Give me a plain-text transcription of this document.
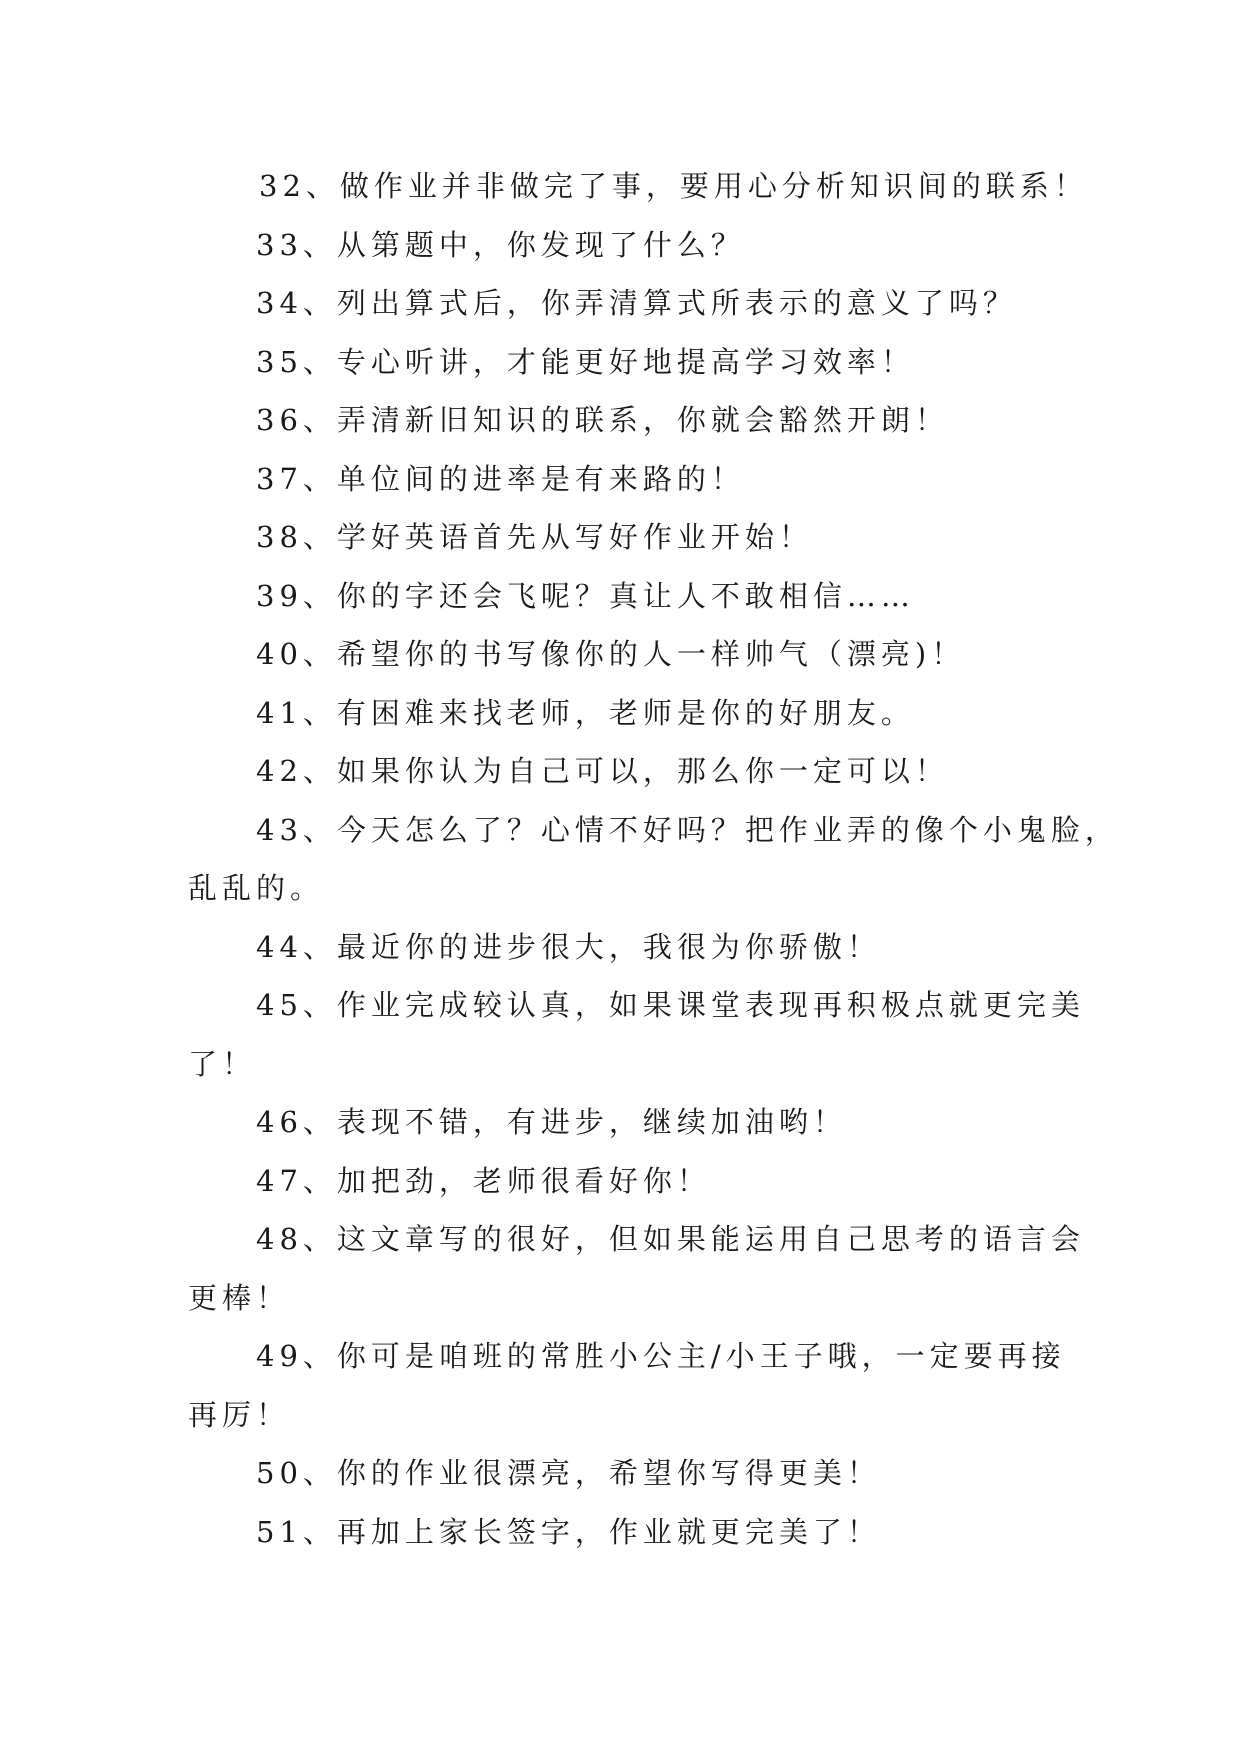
32、做作业并非做完了事，要用心分析知识间的联系！

33、从第题中，你发现了什么？

34、列出算式后，你弄清算式所表示的意义了吗？

35、专心听讲，才能更好地提高学习效率！

36、弄清新旧知识的联系，你就会豁然开朗！

37、单位间的进率是有来路的！

38、学好英语首先从写好作业开始！

39、你的字还会飞呢？真让人不敢相信……

40、希望你的书写像你的人一样帅气（漂亮)！

41、有困难来找老师，老师是你的好朋友。

42、如果你认为自己可以，那么你一定可以！

43、今天怎么了？心情不好吗？把作业弄的像个小鬼脸，

乱乱的。

44、最近你的进步很大，我很为你骄傲！

45、作业完成较认真，如果课堂表现再积极点就更完美

了！

46、表现不错，有进步，继续加油哟！

47、加把劲，老师很看好你！

48、这文章写的很好，但如果能运用自己思考的语言会

更棒！

49、你可是咱班的常胜小公主/小王子哦，一定要再接

再厉！

50、你的作业很漂亮，希望你写得更美！

51、再加上家长签字，作业就更完美了！
